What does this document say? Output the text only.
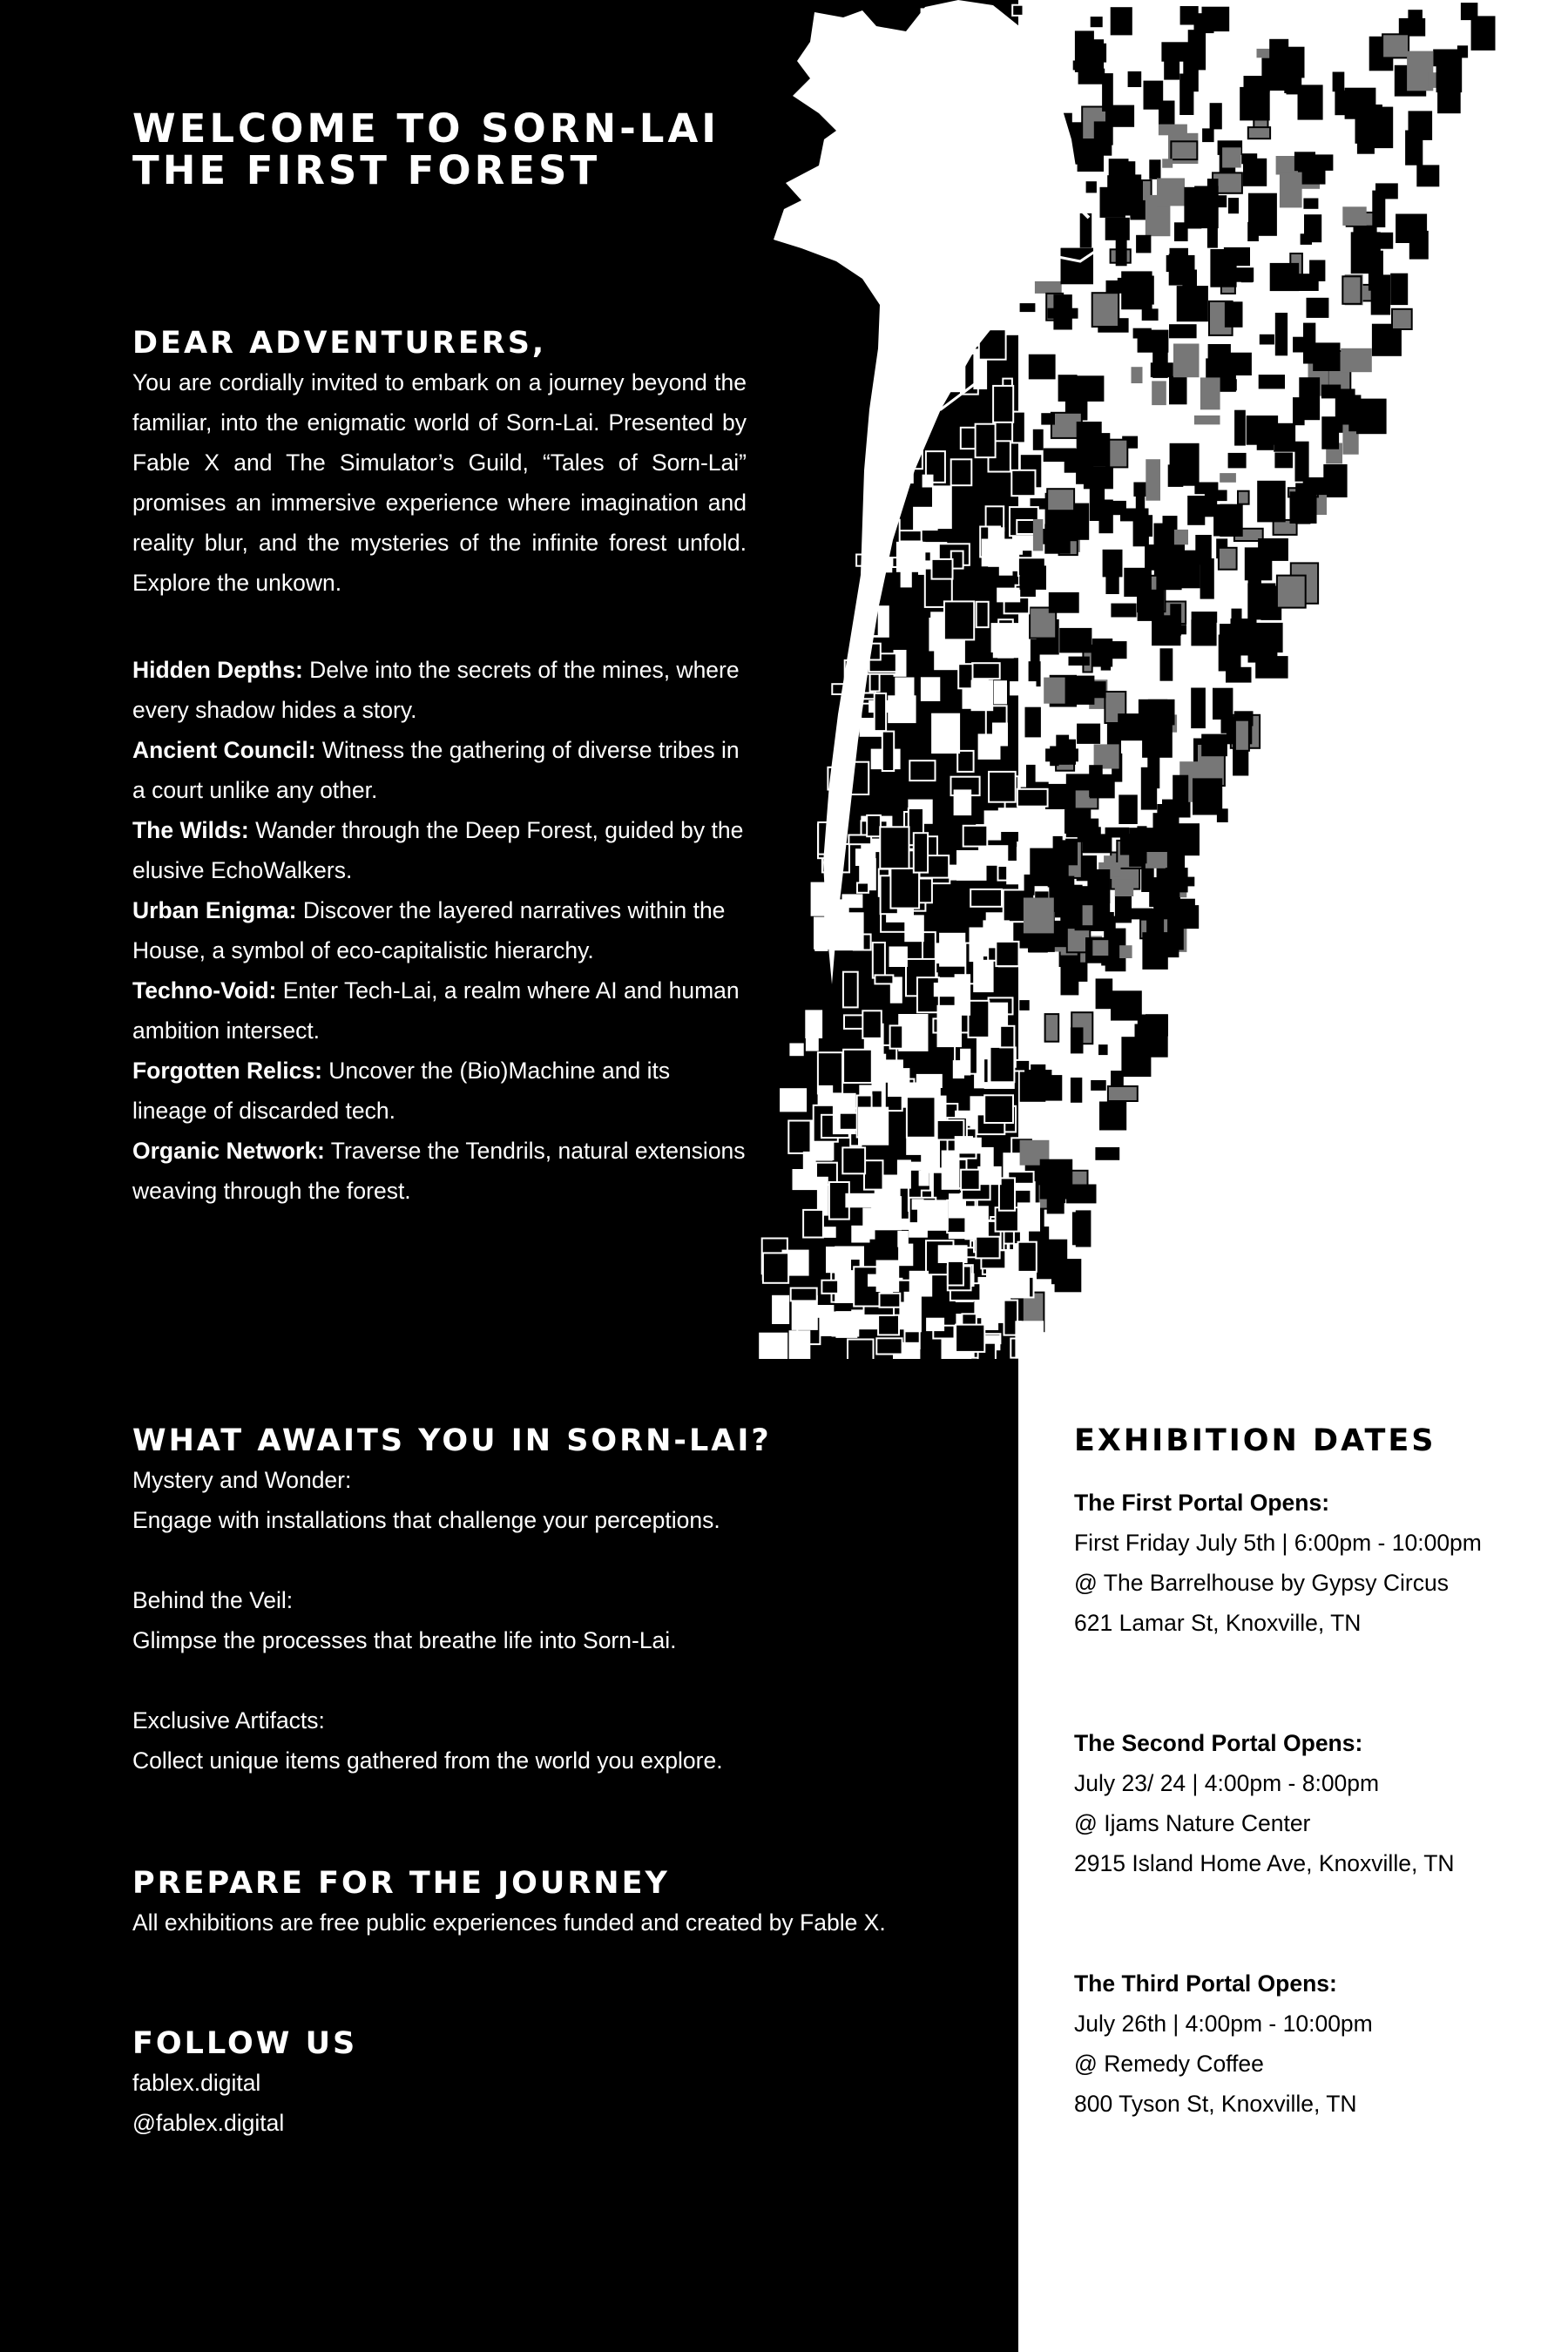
WELCOME TO SORN-LAI
THE FIRST FOREST
DEAR ADVENTURERS,

You are cordially invited to embark on a journey beyond the familiar, into the enigmatic world of Sorn-Lai. Presented by Fable X and The Simulator’s Guild, “Tales of Sorn-Lai” promises an immersive experience where imagination and reality blur, and the mysteries of the infinite forest unfold. Explore the unkown.

Hidden Depths: Delve into the secrets of the mines, where every shadow hides a story.
Ancient Council: Witness the gathering of diverse tribes in a court unlike any other.
The Wilds: Wander through the Deep Forest, guided by the elusive EchoWalkers.
Urban Enigma: Discover the layered narratives within the House, a symbol of eco-capitalistic hierarchy.
Techno-Void: Enter Tech-Lai, a realm where AI and human ambition intersect.
Forgotten Relics: Uncover the (Bio)Machine and its lineage of discarded tech.
Organic Network: Traverse the Tendrils, natural extensions weaving through the forest.
WHAT AWAITS YOU IN SORN-LAI?

Mystery and Wonder:

Engage with installations that challenge your perceptions.

Behind the Veil:

Glimpse the processes that breathe life into Sorn-Lai.

Exclusive Artifacts:

Collect unique items gathered from the world you explore.

PREPARE FOR THE JOURNEY

All exhibitions are free public experiences funded and created by Fable X.

FOLLOW US

fablex.digital

@fablex.digital

EXHIBITION DATES

The First Portal Opens:

First Friday July 5th | 6:00pm - 10:00pm

@ The Barrelhouse by Gypsy Circus

621 Lamar St, Knoxville, TN

The Second Portal Opens:

July 23/ 24 | 4:00pm - 8:00pm

@ Ijams Nature Center

2915 Island Home Ave, Knoxville, TN

The Third Portal Opens:

July 26th | 4:00pm - 10:00pm

@ Remedy Coffee

800 Tyson St, Knoxville, TN
